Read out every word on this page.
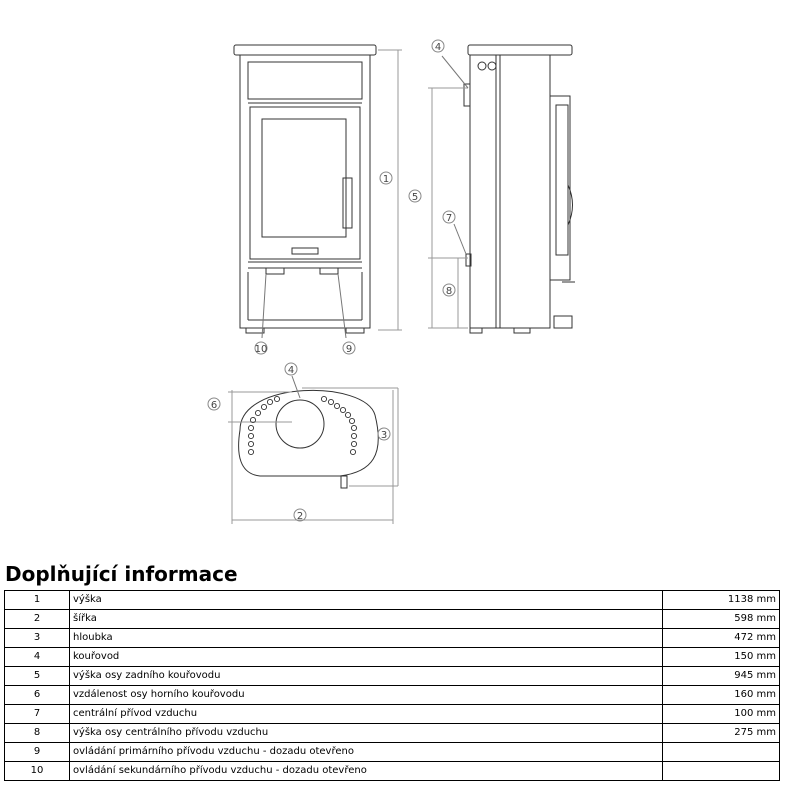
1
10	9
4
5
7
8
4
6
3
2
Doplňující informace
1	výška	1138 mm
2	šířka	598 mm
3	hloubka	472 mm
4	kouřovod	150 mm
5	výška osy zadního kouřovodu	945 mm
6	vzdálenost osy horního kouřovodu	160 mm
7	centrální přívod vzduchu	100 mm
8	výška osy centrálního přívodu vzduchu	275 mm
9	ovládání primárního přívodu vzduchu - dozadu otevřeno	
10	ovládání sekundárního přívodu vzduchu - dozadu otevřeno	
